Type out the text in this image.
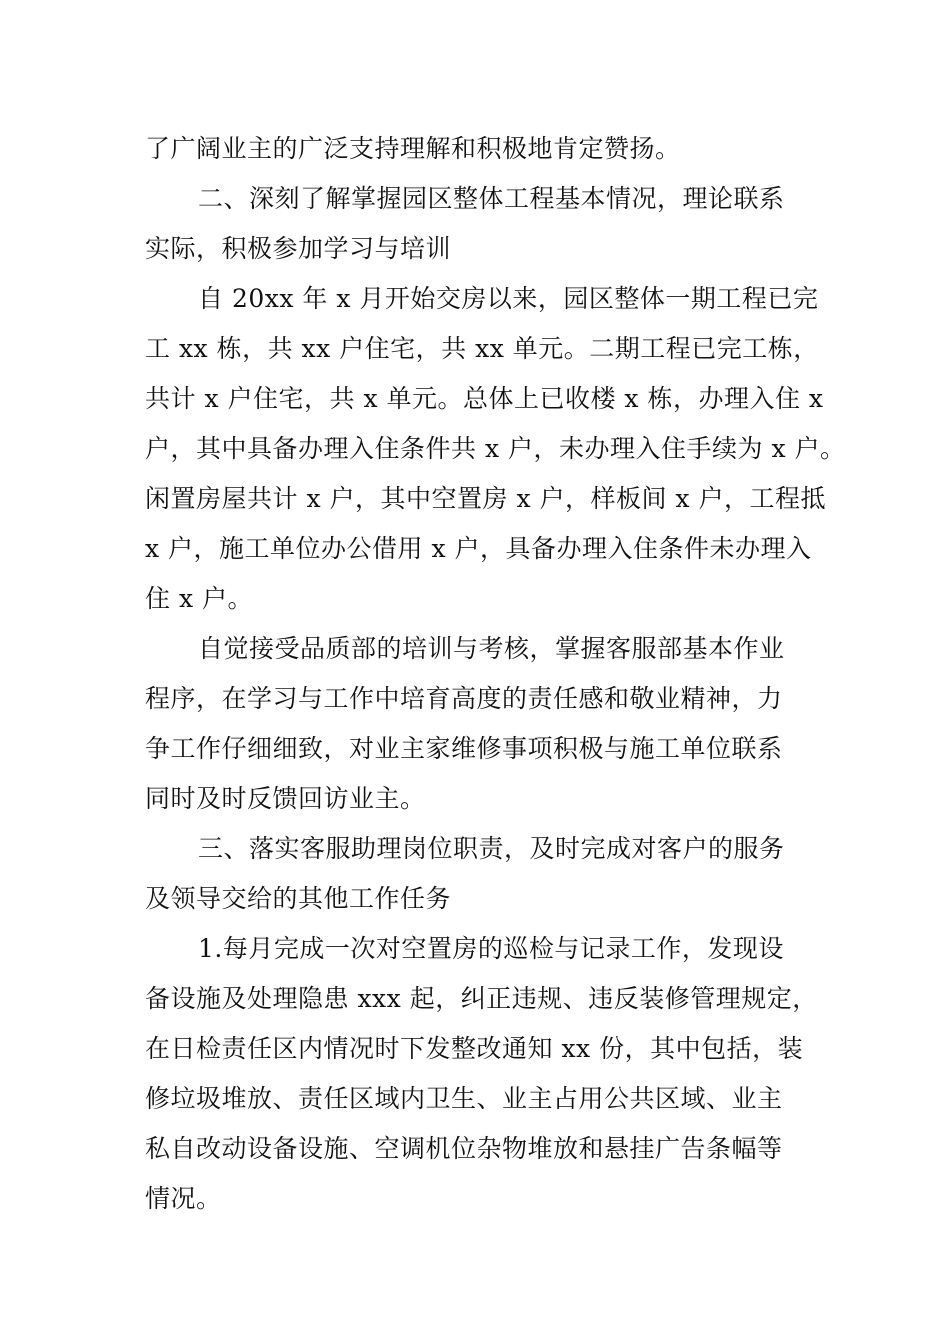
了广阔业主的广泛支持理解和积极地肯定赞扬。
二、深刻了解掌握园区整体工程基本情况，理论联系
实际，积极参加学习与培训
自 20xx 年 x 月开始交房以来，园区整体一期工程已完
工 xx 栋，共 xx 户住宅，共 xx 单元。二期工程已完工栋，
共计 x 户住宅，共 x 单元。总体上已收楼 x 栋，办理入住 x
户，其中具备办理入住条件共 x 户，未办理入住手续为 x 户。
闲置房屋共计 x 户，其中空置房 x 户，样板间 x 户，工程抵
x 户，施工单位办公借用 x 户，具备办理入住条件未办理入
住 x 户。
自觉接受品质部的培训与考核，掌握客服部基本作业
程序，在学习与工作中培育高度的责任感和敬业精神，力
争工作仔细细致，对业主家维修事项积极与施工单位联系
同时及时反馈回访业主。
三、落实客服助理岗位职责，及时完成对客户的服务
及领导交给的其他工作任务
1.每月完成一次对空置房的巡检与记录工作，发现设
备设施及处理隐患 xxx 起，纠正违规、违反装修管理规定，
在日检责任区内情况时下发整改通知 xx 份，其中包括，装
修垃圾堆放、责任区域内卫生、业主占用公共区域、业主
私自改动设备设施、空调机位杂物堆放和悬挂广告条幅等
情况。
